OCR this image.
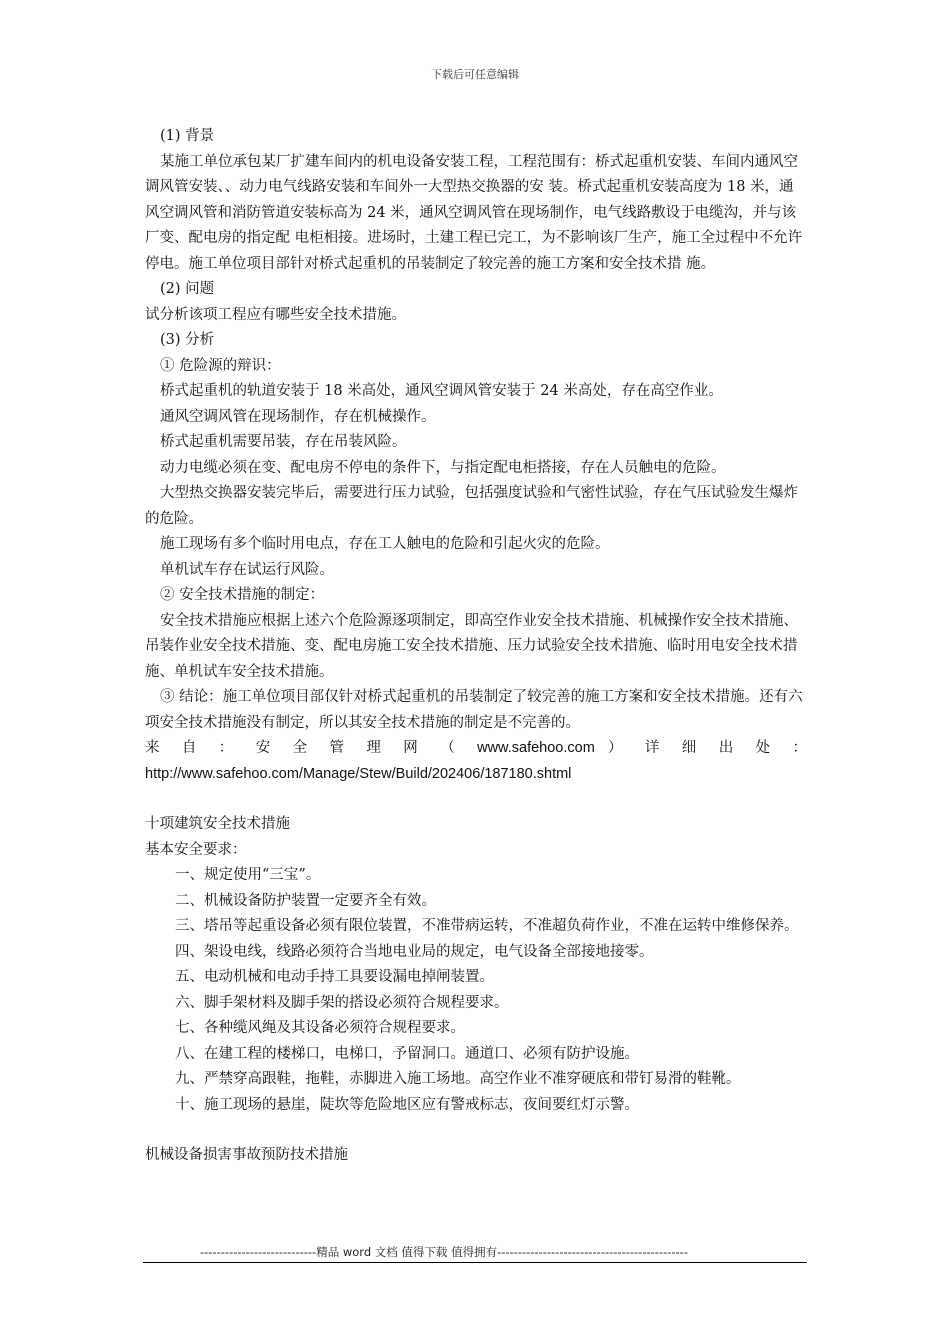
下载后可任意编辑

(1) 背景

某施工单位承包某厂扩建车间内的机电设备安装工程，工程范围有：桥式起重机安装、车间内通风空调风管安装、、动力电气线路安装和车间外一大型热交换器的安 装。桥式起重机安装高度为 18 米，通风空调风管和消防管道安装标高为 24 米，通风空调风管在现场制作，电气线路敷设于电缆沟，并与该厂变、配电房的指定配 电柜相接。进场时，土建工程已完工，为不影响该厂生产，施工全过程中不允许停电。施工单位项目部针对桥式起重机的吊装制定了较完善的施工方案和安全技术措 施。

(2) 问题

试分析该项工程应有哪些安全技术措施。

(3) 分析

① 危险源的辩识：

桥式起重机的轨道安装于 18 米高处，通风空调风管安装于 24 米高处，存在高空作业。

通风空调风管在现场制作，存在机械操作。

桥式起重机需要吊装，存在吊装风险。

动力电缆必须在变、配电房不停电的条件下，与指定配电柜搭接，存在人员触电的危险。

大型热交换器安装完毕后，需要进行压力试验，包括强度试验和气密性试验，存在气压试验发生爆炸的危险。

施工现场有多个临时用电点，存在工人触电的危险和引起火灾的危险。

单机试车存在试运行风险。

② 安全技术措施的制定：

安全技术措施应根据上述六个危险源逐项制定，即高空作业安全技术措施、机械操作安全技术措施、吊装作业安全技术措施、变、配电房施工安全技术措施、压力试验安全技术措施、临时用电安全技术措施、单机试车安全技术措施。

③ 结论：施工单位项目部仅针对桥式起重机的吊装制定了较完善的施工方案和安全技术措施。还有六项安全技术措施没有制定，所以其安全技术措施的制定是不完善的。

来 自 ： 安 全 管 理 网 （ www.safehoo.com ） 详 细 出 处 ：

http://www.safehoo.com/Manage/Stew/Build/202406/187180.shtml

十项建筑安全技术措施

基本安全要求：

一、规定使用“三宝”。

二、机械设备防护装置一定要齐全有效。

三、塔吊等起重设备必须有限位装置，不准带病运转，不准超负荷作业，不准在运转中维修保养。

四、架设电线，线路必须符合当地电业局的规定，电气设备全部接地接零。

五、电动机械和电动手持工具要设漏电掉闸装置。

六、脚手架材料及脚手架的搭设必须符合规程要求。

七、各种缆风绳及其设备必须符合规程要求。

八、在建工程的楼梯口，电梯口，予留洞口。通道口、必须有防护设施。

九、严禁穿高跟鞋，拖鞋，赤脚进入施工场地。高空作业不准穿硬底和带钉易滑的鞋靴。

十、施工现场的悬崖，陡坎等危险地区应有警戒标志，夜间要红灯示警。

机械设备损害事故预防技术措施

----------------------------精品 word 文档 值得下载 值得拥有----------------------------------------------
